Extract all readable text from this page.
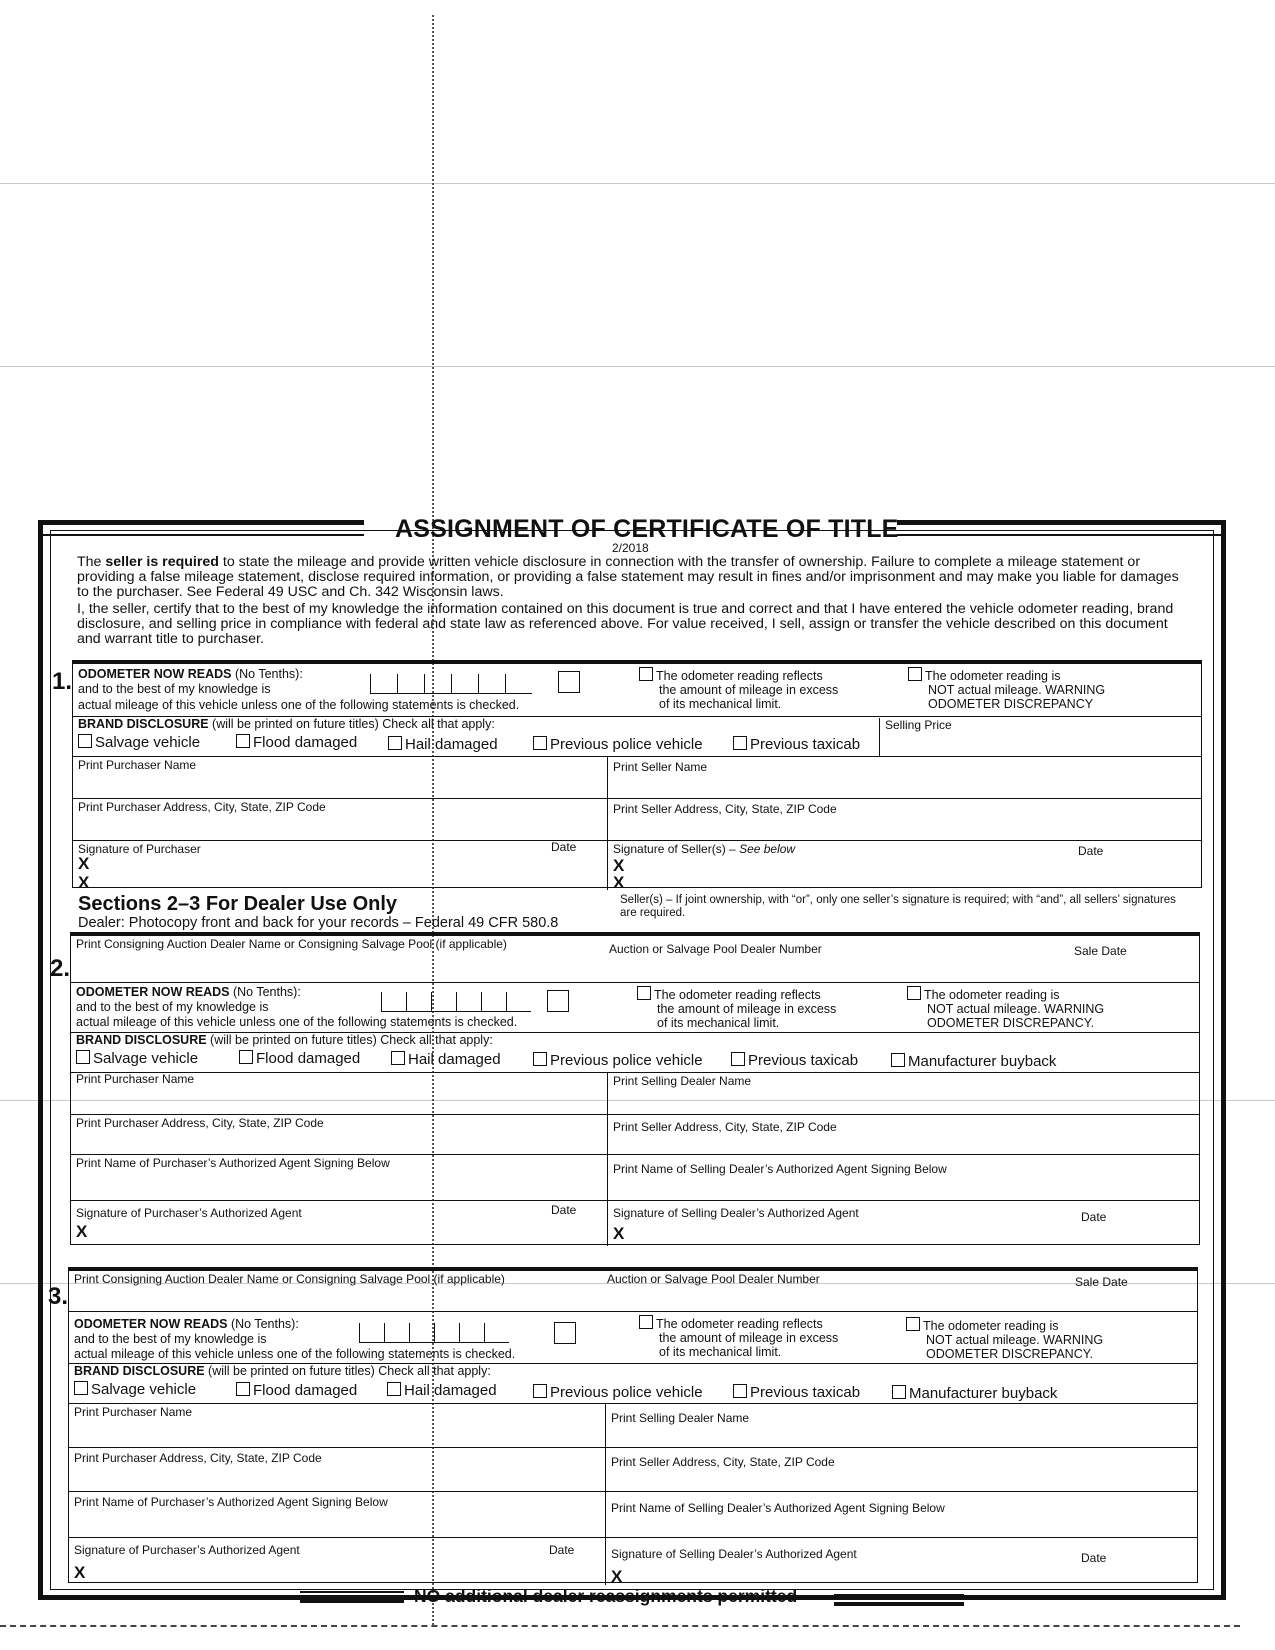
ASSIGNMENT OF CERTIFICATE OF TITLE
2/2018
The seller is required to state the mileage and provide written vehicle disclosure in connection with the transfer of ownership. Failure to complete a mileage statement or providing a false mileage statement, disclose required information, or providing a false statement may result in fines and/or imprisonment and may make you liable for damages to the purchaser. See Federal 49 USC and Ch. 342 Wisconsin laws.
I, the seller, certify that to the best of my knowledge the information contained on this document is true and correct and that I have entered the vehicle odometer reading, brand disclosure, and selling price in compliance with federal and state law as referenced above. For value received, I sell, assign or transfer the vehicle described on this document and warrant title to purchaser.
1. ODOMETER NOW READS (No Tenths):
and to the best of my knowledge is
actual mileage of this vehicle unless one of the following statements is checked.
The odometer reading reflects
the amount of mileage in excess
of its mechanical limit.
The odometer reading is
NOT actual mileage. WARNING
ODOMETER DISCREPANCY
BRAND DISCLOSURE (will be printed on future titles) Check all that apply:
Salvage vehicle	Flood damaged	Hail damaged	Previous police vehicle	Previous taxicab
Selling Price
Print Purchaser Name	Print Seller Name
Print Purchaser Address, City, State, ZIP Code	Print Seller Address, City, State, ZIP Code
Signature of Purchaser	Date
X
X
Signature of Seller(s) – See below	Date
X
X
Sections 2–3 For Dealer Use Only
Dealer: Photocopy front and back for your records – Federal 49 CFR 580.8
Seller(s) – If joint ownership, with “or”, only one seller’s signature is required; with “and”, all sellers’ signatures are required.
2.
Print Consigning Auction Dealer Name or Consigning Salvage Pool (if applicable)	Auction or Salvage Pool Dealer Number	Sale Date
ODOMETER NOW READS (No Tenths):
and to the best of my knowledge is
actual mileage of this vehicle unless one of the following statements is checked.
The odometer reading reflects
the amount of mileage in excess
of its mechanical limit.
The odometer reading is
NOT actual mileage. WARNING
ODOMETER DISCREPANCY.
BRAND DISCLOSURE (will be printed on future titles) Check all that apply:
Salvage vehicle	Flood damaged	Hail damaged	Previous police vehicle	Previous taxicab	Manufacturer buyback
Print Purchaser Name	Print Selling Dealer Name
Print Purchaser Address, City, State, ZIP Code	Print Seller Address, City, State, ZIP Code
Print Name of Purchaser’s Authorized Agent Signing Below	Print Name of Selling Dealer’s Authorized Agent Signing Below
Signature of Purchaser’s Authorized Agent	Date
X
Signature of Selling Dealer’s Authorized Agent	Date
X
3.
Print Consigning Auction Dealer Name or Consigning Salvage Pool (if applicable)	Auction or Salvage Pool Dealer Number	Sale Date
ODOMETER NOW READS (No Tenths):
and to the best of my knowledge is
actual mileage of this vehicle unless one of the following statements is checked.
The odometer reading reflects
the amount of mileage in excess
of its mechanical limit.
The odometer reading is
NOT actual mileage. WARNING
ODOMETER DISCREPANCY.
BRAND DISCLOSURE (will be printed on future titles) Check all that apply:
Salvage vehicle	Flood damaged	Hail damaged	Previous police vehicle	Previous taxicab	Manufacturer buyback
Print Purchaser Name	Print Selling Dealer Name
Print Purchaser Address, City, State, ZIP Code	Print Seller Address, City, State, ZIP Code
Print Name of Purchaser’s Authorized Agent Signing Below	Print Name of Selling Dealer’s Authorized Agent Signing Below
Signature of Purchaser’s Authorized Agent	Date
X
Signature of Selling Dealer’s Authorized Agent	Date
X
NO additional dealer reassignments permitted
